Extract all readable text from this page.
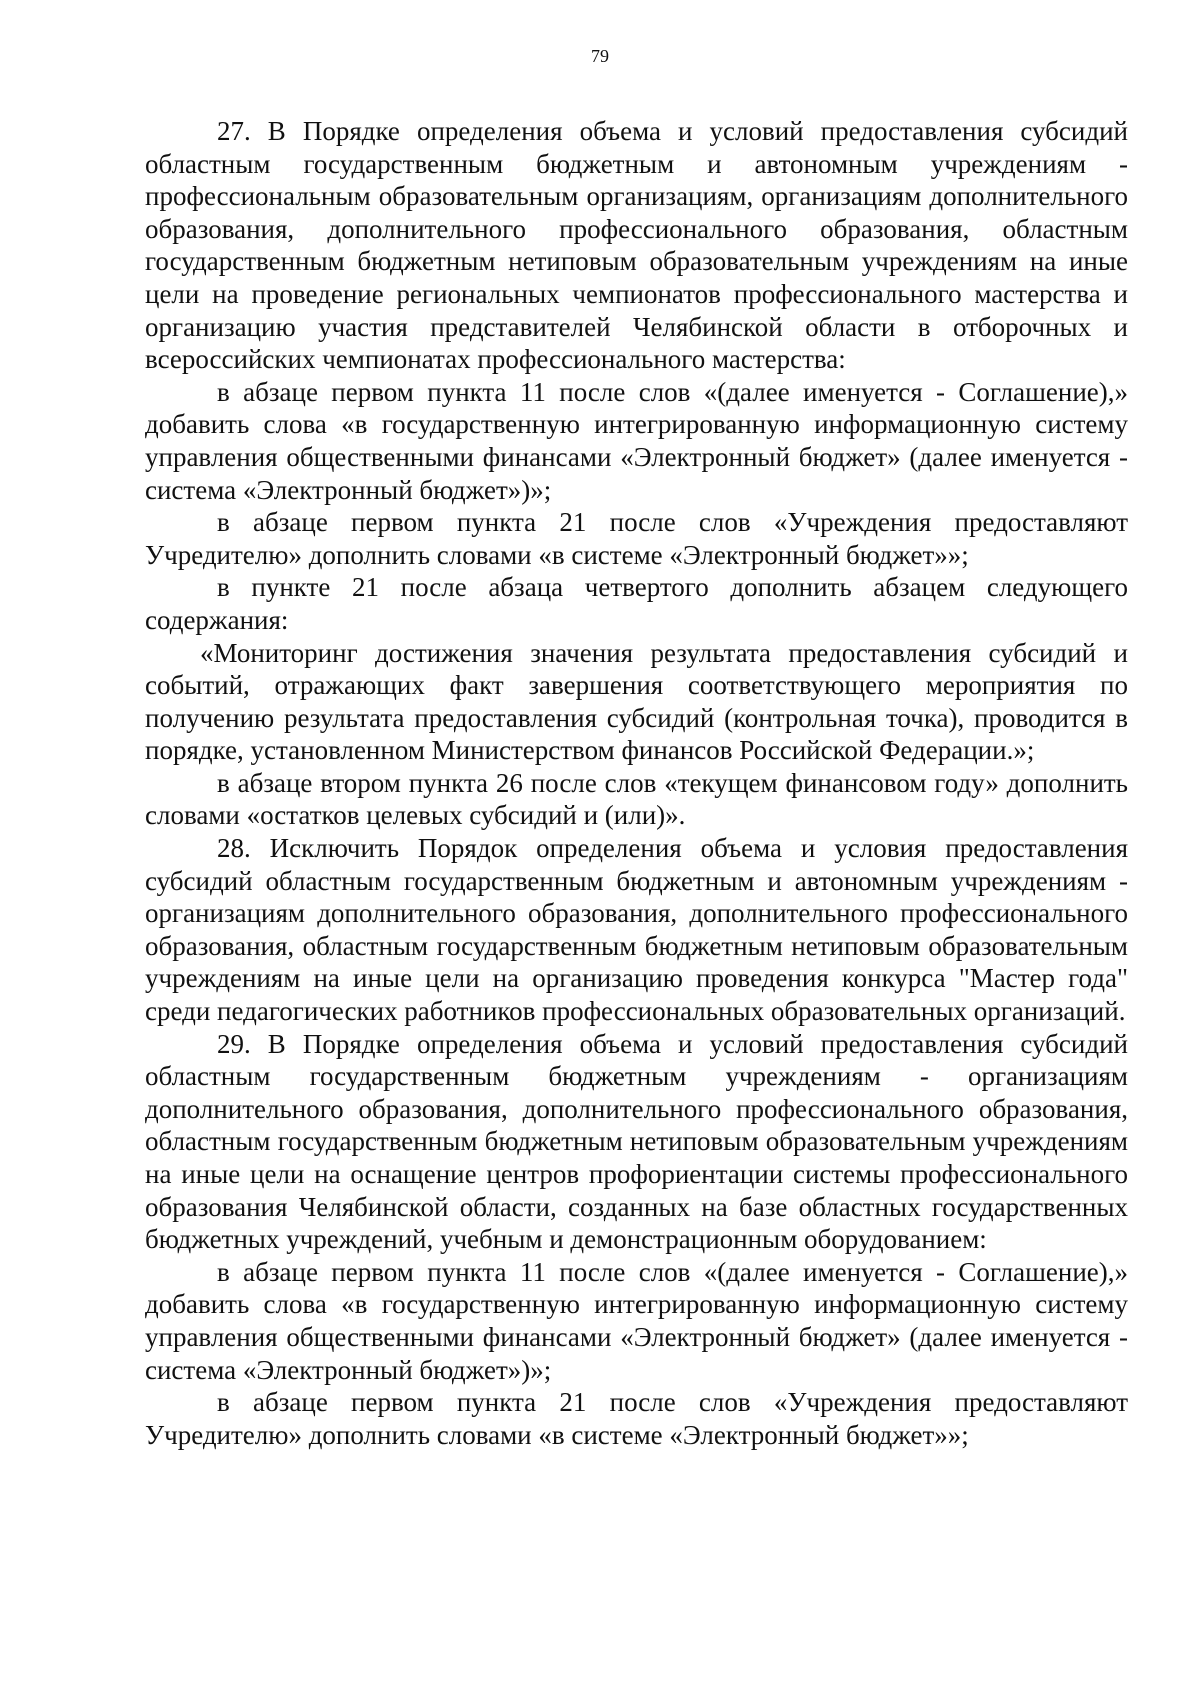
79

27. В Порядке определения объема и условий предоставления субсидий областным государственным бюджетным и автономным учреждениям - профессиональным образовательным организациям, организациям дополнительного образования, дополнительного профессионального образования, областным государственным бюджетным нетиповым образовательным учреждениям на иные цели на проведение региональных чемпионатов профессионального мастерства и организацию участия представителей Челябинской области в отборочных и всероссийских чемпионатах профессионального мастерства:

в абзаце первом пункта 11 после слов «(далее именуется - Соглашение),» добавить слова «в государственную интегрированную информационную систему управления общественными финансами «Электронный бюджет» (далее именуется - система «Электронный бюджет»)»;

в абзаце первом пункта 21 после слов «Учреждения предоставляют Учредителю» дополнить словами «в системе «Электронный бюджет»»;

в пункте 21 после абзаца четвертого дополнить абзацем следующего содержания:

«Мониторинг достижения значения результата предоставления субсидий и событий, отражающих факт завершения соответствующего мероприятия по получению результата предоставления субсидий (контрольная точка), проводится в порядке, установленном Министерством финансов Российской Федерации.»;

в абзаце втором пункта 26 после слов «текущем финансовом году» дополнить словами «остатков целевых субсидий и (или)».

28. Исключить Порядок определения объема и условия предоставления субсидий областным государственным бюджетным и автономным учреждениям - организациям дополнительного образования, дополнительного профессионального образования, областным государственным бюджетным нетиповым образовательным учреждениям на иные цели на организацию проведения конкурса "Мастер года" среди педагогических работников профессиональных образовательных организаций.

29. В Порядке определения объема и условий предоставления субсидий областным государственным бюджетным учреждениям - организациям дополнительного образования, дополнительного профессионального образования, областным государственным бюджетным нетиповым образовательным учреждениям на иные цели на оснащение центров профориентации системы профессионального образования Челябинской области, созданных на базе областных государственных бюджетных учреждений, учебным и демонстрационным оборудованием:

в абзаце первом пункта 11 после слов «(далее именуется - Соглашение),» добавить слова «в государственную интегрированную информационную систему управления общественными финансами «Электронный бюджет» (далее именуется - система «Электронный бюджет»)»;

в абзаце первом пункта 21 после слов «Учреждения предоставляют Учредителю» дополнить словами «в системе «Электронный бюджет»»;
